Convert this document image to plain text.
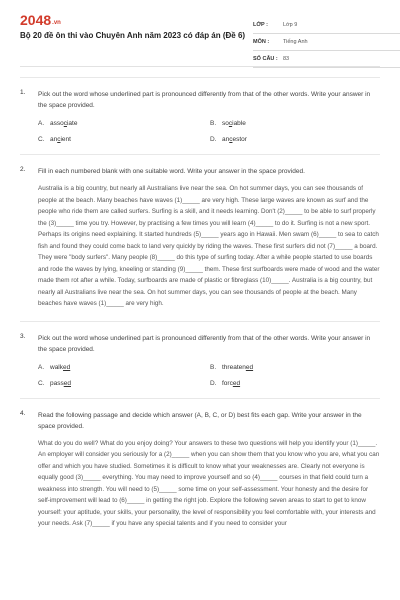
2048.vn
Bộ 20 đề ôn thi vào Chuyên Anh năm 2023 có đáp án (Đề 6)
LỚP :	Lớp 9
MÔN :	Tiếng Anh
SỐ CÂU : 83
1. Pick out the word whose underlined part is pronounced differently from that of the other words. Write your answer in the space provided.

A. associate	B. sociable
C. ancient	D. ancestor
2. Fill in each numbered blank with one suitable word. Write your answer in the space provided.

Australia is a big country, but nearly all Australians live near the sea. On hot summer days, you can see thousands of people at the beach. Many beaches have waves (1)_____ are very high. These large waves are known as surf and the people who ride them are called surfers. Surfing is a skill, and it needs learning. Don't (2)_____ to be able to surf properly the (3)_____ time you try. However, by practising a few times you will learn (4)_____ to do it. Surfing is not a new sport. Perhaps its origins need explaining. It started hundreds (5)_____ years ago in Hawaii. Men swam (6)_____ to sea to catch fish and found they could come back to land very quickly by riding the waves. These first surfers did not (7)_____ a board. They were "body surfers". Many people (8)_____ do this type of surfing today. After a while people started to use boards and rode the waves by lying, kneeling or standing (9)_____ them. These first surfboards were made of wood and the water made them rot after a while. Today, surfboards are made of plastic or fibreglass (10)_____. Australia is a big country, but nearly all Australians live near the sea. On hot summer days, you can see thousands of people at the beach. Many beaches have waves (1)_____ are very high.

3. Pick out the word whose underlined part is pronounced differently from that of the other words. Write your answer in the space provided.

A. walked	B. threatened
C. passed	D. forced
4. Read the following passage and decide which answer (A, B, C, or D) best fits each gap. Write your answer in the space provided.

What do you do well? What do you enjoy doing? Your answers to these two questions will help you identify your (1)_____. An employer will consider you seriously for a (2)_____ when you can show them that you know who you are, what you can offer and which you have studied. Sometimes it is difficult to know what your weaknesses are. Clearly not everyone is equally good (3)_____ everything. You may need to improve yourself and so (4)_____ courses in that field could turn a weakness into strength. You will need to (5)_____ some time on your self-assessment. Your honesty and the desire for self-improvement will lead to (6)_____ in getting the right job. Explore the following seven areas to start to get to know yourself: your aptitude, your skills, your personality, the level of responsibility you feel comfortable with, your interests and your needs. Ask (7)_____ if you have any special talents and if you need to consider your
